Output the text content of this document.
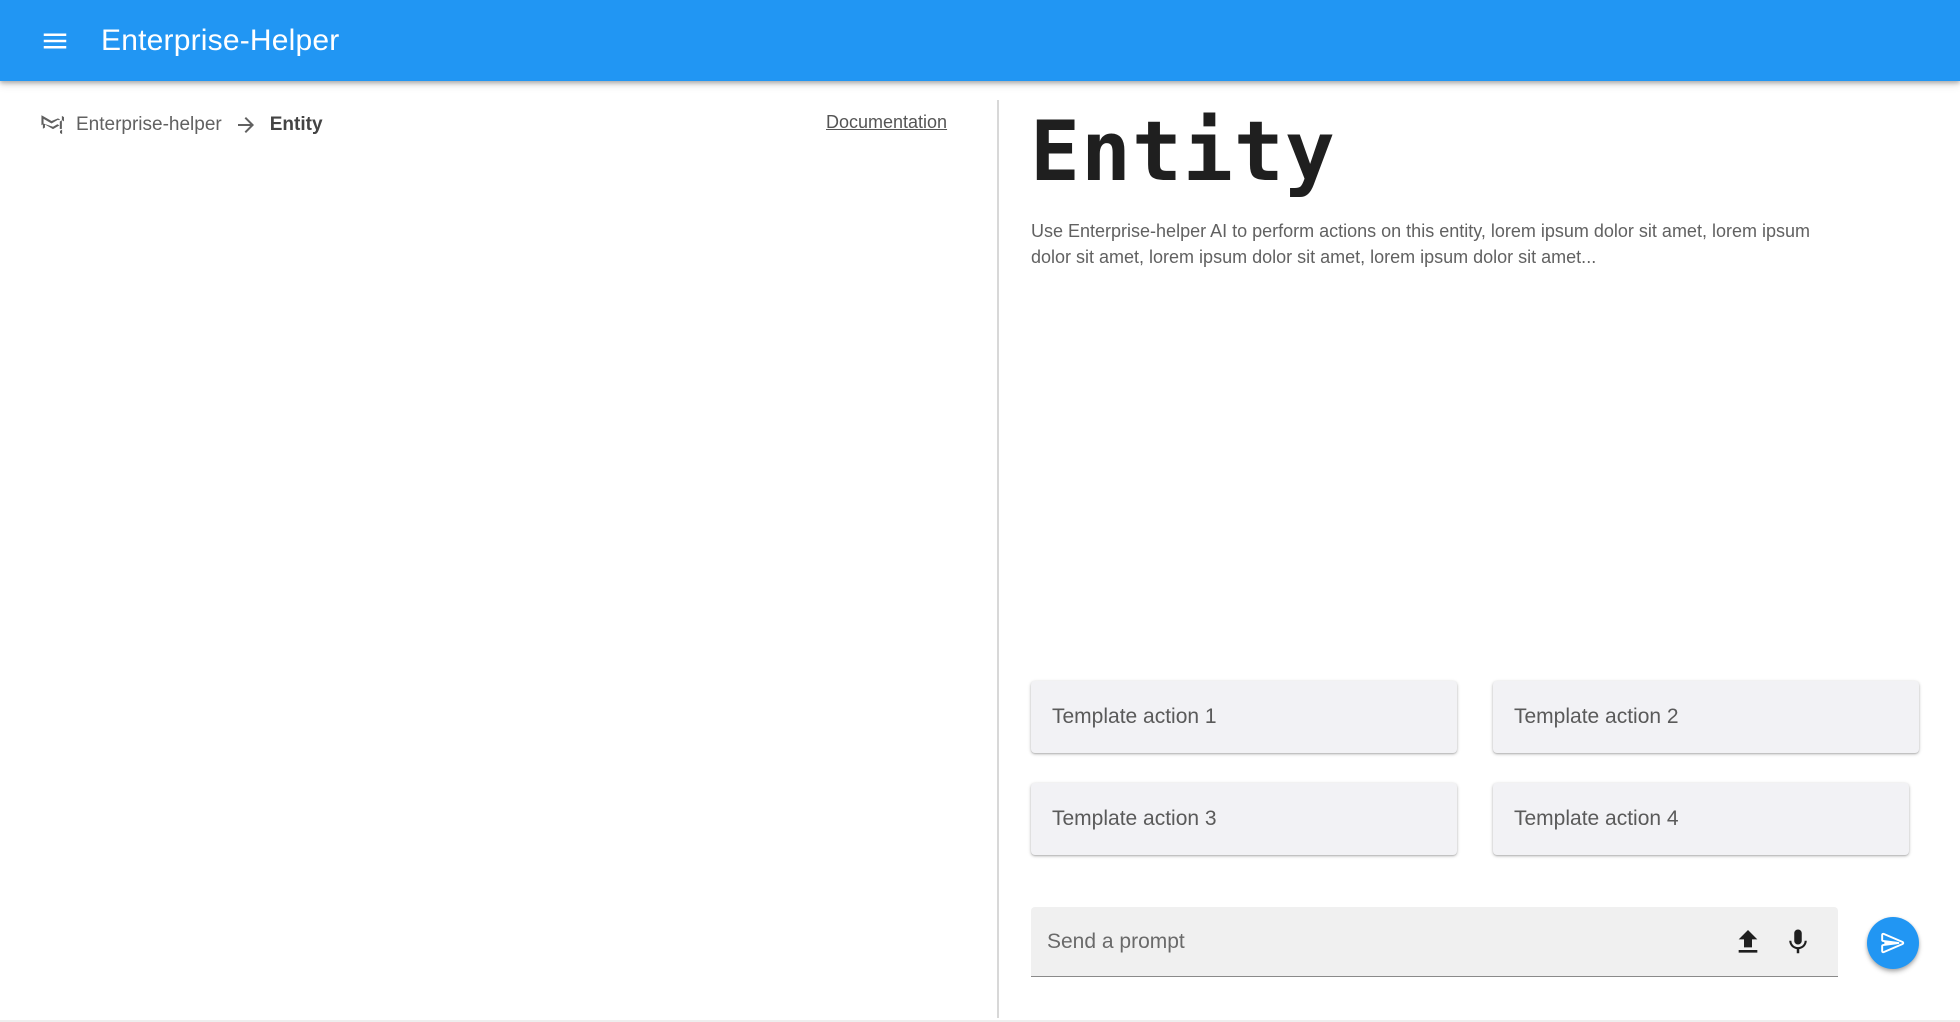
Enterprise-Helper
Enterprise-helper	Entity	Documentation Entity

Use Enterprise-helper AI to perform actions on this entity, lorem ipsum dolor sit amet, lorem ipsum dolor sit amet, lorem ipsum dolor sit amet, lorem ipsum dolor sit amet...

Template action 1	Template action 2
Template action 3	Template action 4
Send a prompt
